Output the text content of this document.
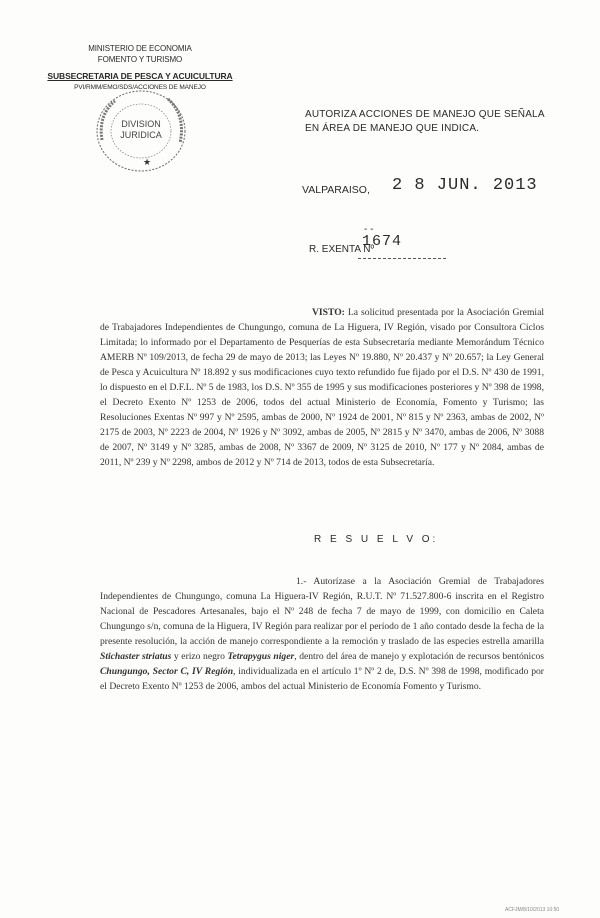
MINISTERIO DE ECONOMIA
FOMENTO Y TURISMO
SUBSECRETARIA DE PESCA Y ACUICULTURA
PVI/RMM/EMO/SDS/ACCIONES DE MANEJO
DIVISION
JURIDICA
★
AUTORIZA ACCIONES DE MANEJO QUE SEÑALA EN ÁREA DE MANEJO QUE INDICA.
VALPARAISO, 2 8 JUN. 2013
- -
R. EXENTA Nº
1674
VISTO: La solicitud presentada por la Asociación Gremial de Trabajadores Independientes de Chungungo, comuna de La Higuera, IV Región, visado por Consultora Ciclos Limitada; lo informado por el Departamento de Pesquerías de esta Subsecretaría mediante Memorándum Técnico AMERB Nº 109/2013, de fecha 29 de mayo de 2013; las Leyes Nº 19.880, Nº 20.437 y Nº 20.657; la Ley General de Pesca y Acuicultura Nº 18.892 y sus modificaciones cuyo texto refundido fue fijado por el D.S. Nº 430 de 1991, lo dispuesto en el D.F.L. Nº 5 de 1983, los D.S. Nº 355 de 1995 y sus modificaciones posteriores y Nº 398 de 1998, el Decreto Exento Nº 1253 de 2006, todos del actual Ministerio de Economía, Fomento y Turismo; las Resoluciones Exentas Nº 997 y Nº 2595, ambas de 2000, Nº 1924 de 2001, Nº 815 y Nº 2363, ambas de 2002, Nº 2175 de 2003, Nº 2223 de 2004, Nº 1926 y Nº 3092, ambas de 2005, Nº 2815 y Nº 3470, ambas de 2006, Nº 3088 de 2007, Nº 3149 y Nº 3285, ambas de 2008, Nº 3367 de 2009, Nº 3125 de 2010, Nº 177 y Nº 2084, ambas de 2011, Nº 239 y Nº 2298, ambos de 2012 y Nº 714 de 2013, todos de esta Subsecretaría.
R E S U E L V O:
1.- Autorízase a la Asociación Gremial de Trabajadores Independientes de Chungungo, comuna La Higuera-IV Región, R.U.T. Nº 71.527.800-6 inscrita en el Registro Nacional de Pescadores Artesanales, bajo el Nº 248 de fecha 7 de mayo de 1999, con domicilio en Caleta Chungungo s/n, comuna de la Higuera, IV Región para realizar por el período de 1 año contado desde la fecha de la presente resolución, la acción de manejo correspondiente a la remoción y traslado de las especies estrella amarilla Stichaster striatus y erizo negro Tetrapygus niger, dentro del área de manejo y explotación de recursos bentónicos Chungungo, Sector C, IV Región, individualizada en el artículo 1º Nº 2 de, D.S. Nº 398 de 1998, modificado por el Decreto Exento Nº 1253 de 2006, ambos del actual Ministerio de Economía Fomento y Turismo.
ACFJM/8/10/2013 10:50
